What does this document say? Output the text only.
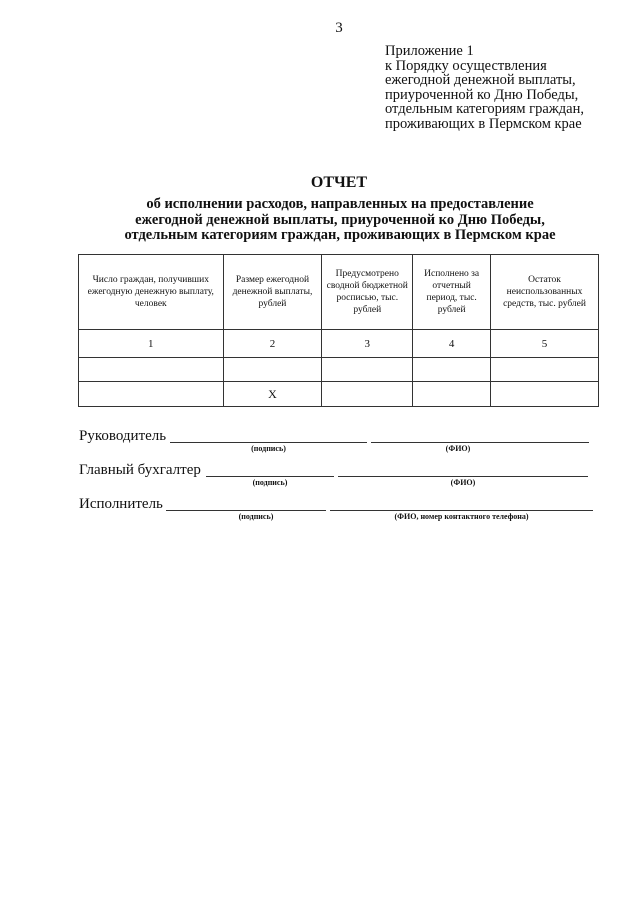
3
Приложение 1
к Порядку осуществления
ежегодной денежной выплаты,
приуроченной ко Дню Победы,
отдельным категориям граждан,
проживающих в Пермском крае
ОТЧЕТ
об исполнении расходов, направленных на предоставление
ежегодной денежной выплаты, приуроченной ко Дню Победы,
отдельным категориям граждан, проживающих в Пермском крае
Число граждан, получивших ежегодную денежную выплату, человек	Размер ежегодной денежной выплаты, рублей	Предусмотрено сводной бюджетной росписью, тыс. рублей	Исполнено за отчетный период, тыс. рублей	Остаток неиспользованных средств, тыс. рублей
1	2	3	4	5

	Х			
Руководитель
(подпись)	(ФИО)
Главный бухгалтер
(подпись)	(ФИО)
Исполнитель
(подпись)	(ФИО, номер контактного телефона)
